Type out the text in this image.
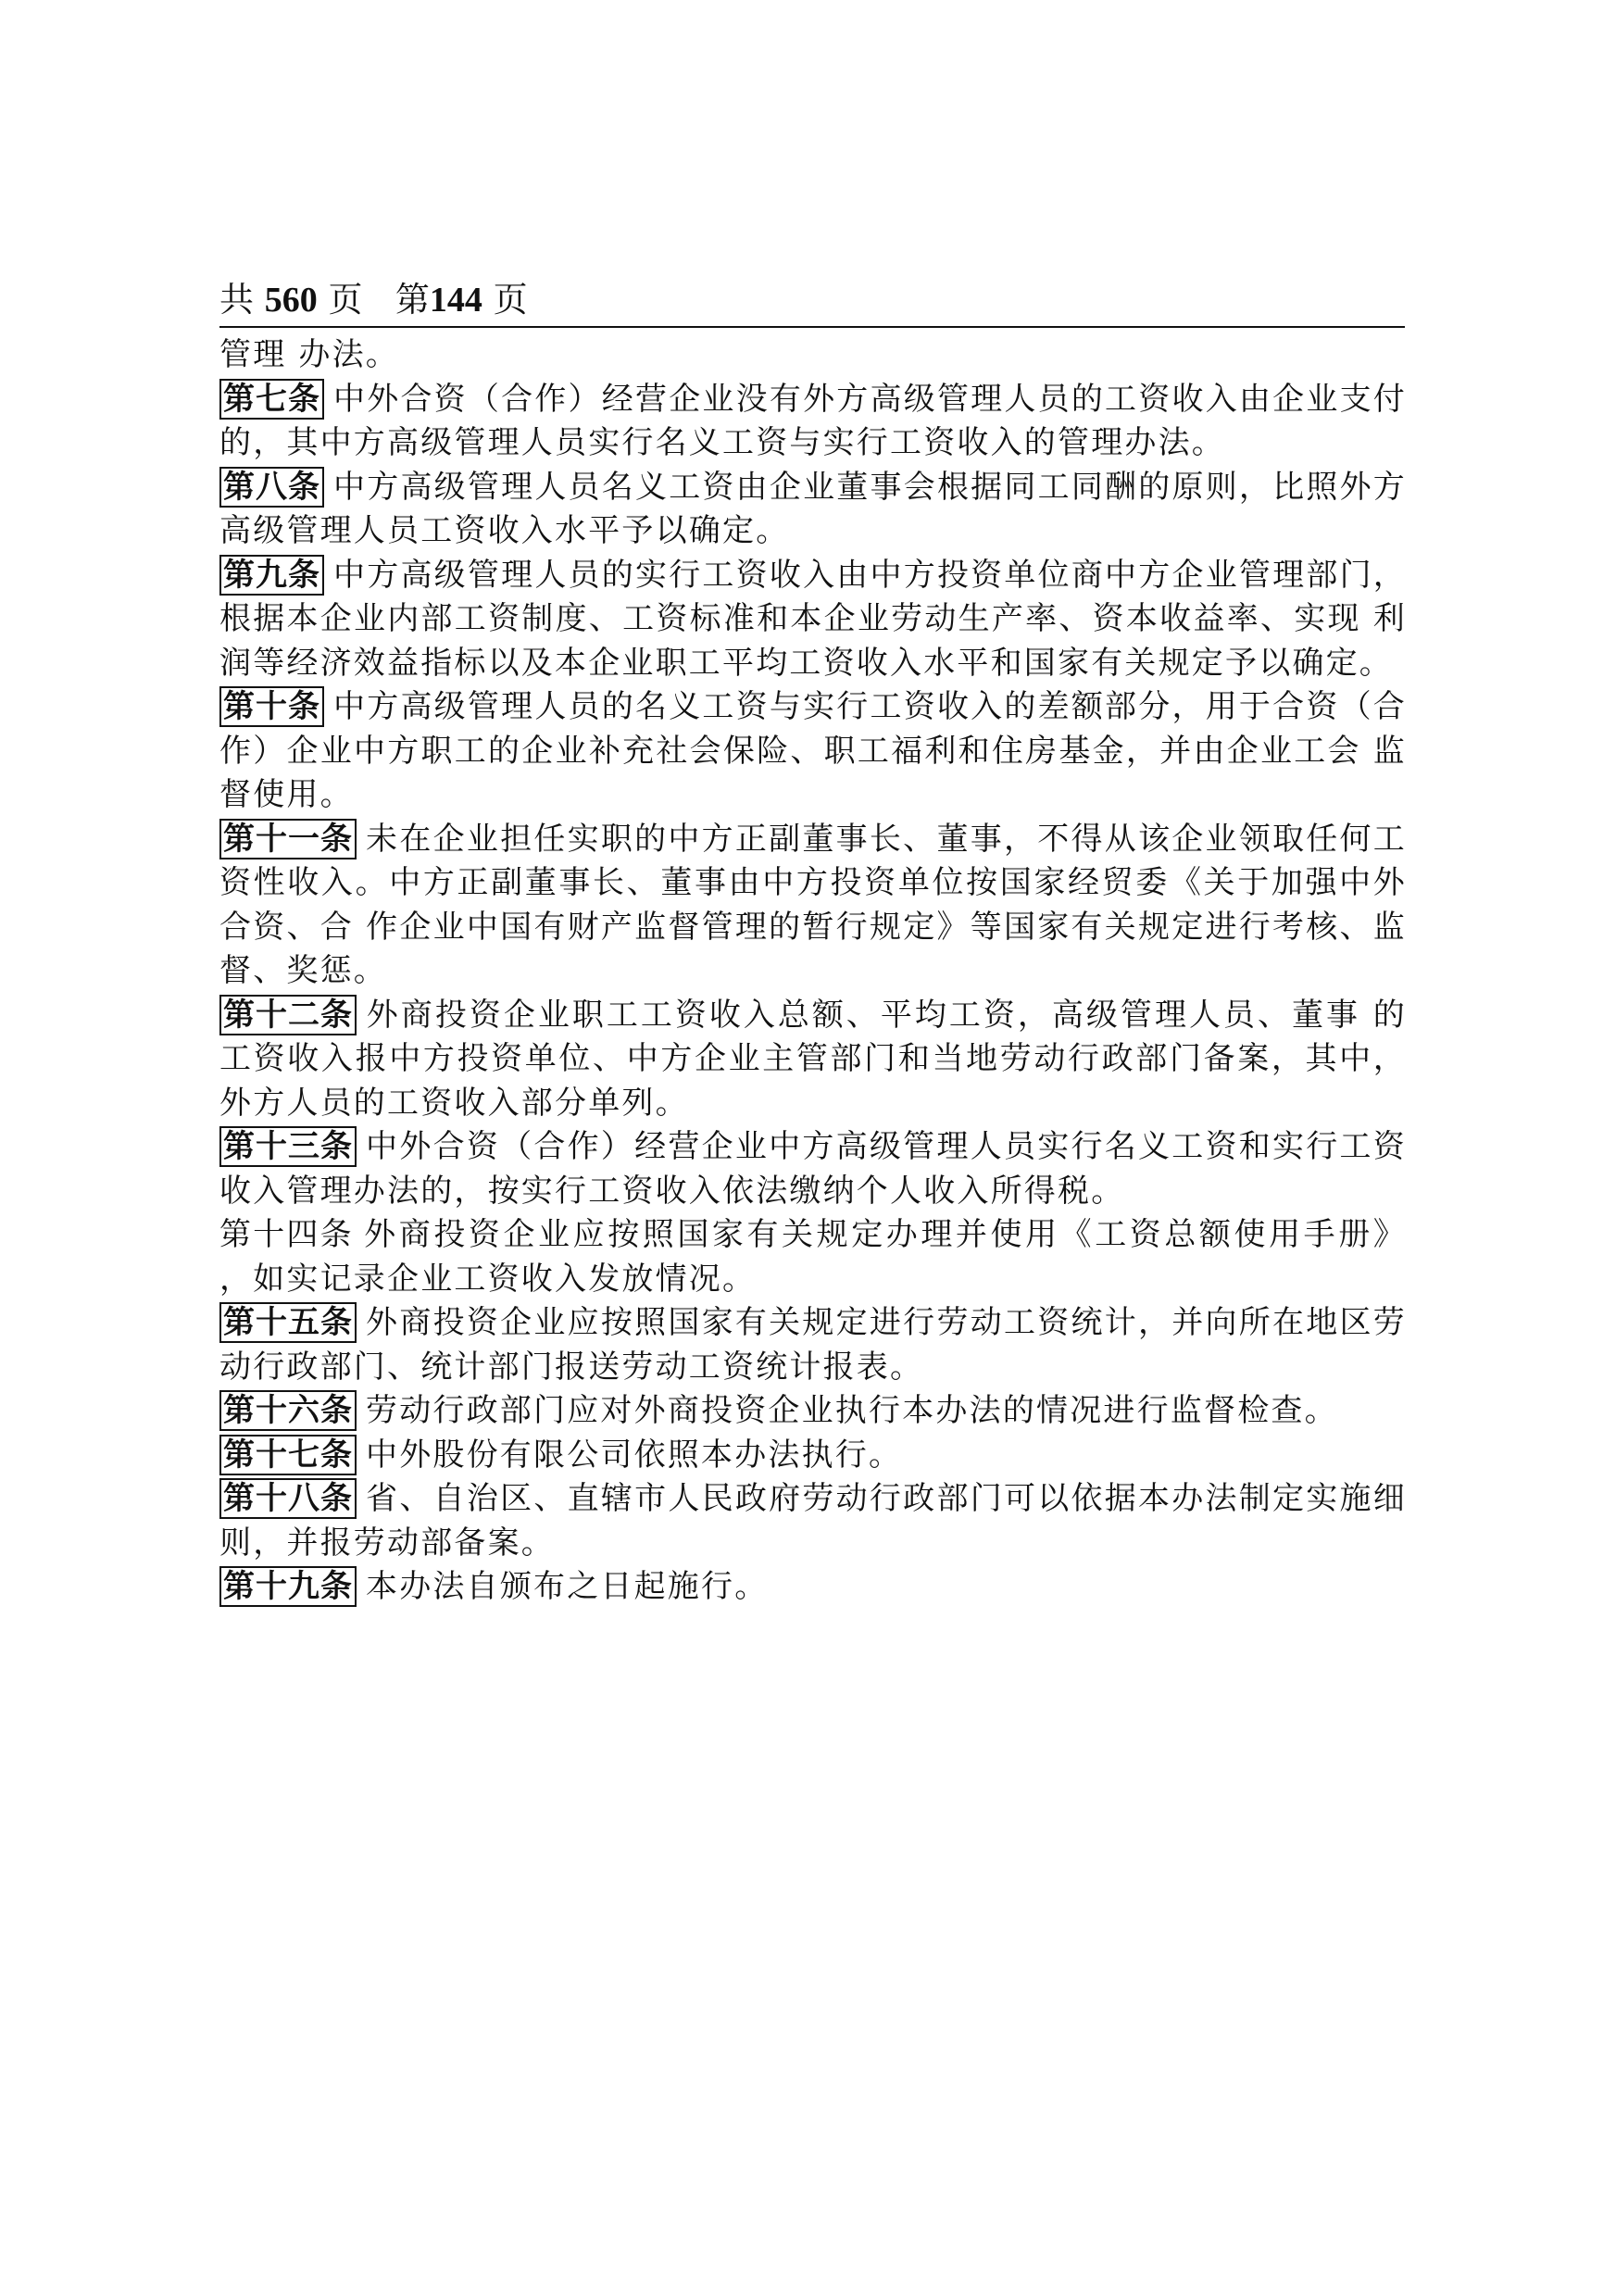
共 560 页 第144 页

管理 办法。

第七条 中外合资（合作）经营企业没有外方高级管理人员的工资收入由企业支付的，其中方高级管理人员实行名义工资与实行工资收入的管理办法。

第八条 中方高级管理人员名义工资由企业董事会根据同工同酬的原则，比照外方高级管理人员工资收入水平予以确定。

第九条 中方高级管理人员的实行工资收入由中方投资单位商中方企业管理部门，根据本企业内部工资制度、工资标准和本企业劳动生产率、资本收益率、实现 利润等经济效益指标以及本企业职工平均工资收入水平和国家有关规定予以确定。

第十条 中方高级管理人员的名义工资与实行工资收入的差额部分，用于合资（合作）企业中方职工的企业补充社会保险、职工福利和住房基金，并由企业工会 监督使用。

第十一条 未在企业担任实职的中方正副董事长、董事，不得从该企业领取任何工资性收入。中方正副董事长、董事由中方投资单位按国家经贸委《关于加强中外合资、合 作企业中国有财产监督管理的暂行规定》等国家有关规定进行考核、监督、奖惩。

第十二条 外商投资企业职工工资收入总额、平均工资，高级管理人员、董事 的工资收入报中方投资单位、中方企业主管部门和当地劳动行政部门备案，其中，外方人员的工资收入部分单列。

第十三条 中外合资（合作）经营企业中方高级管理人员实行名义工资和实行工资收入管理办法的，按实行工资收入依法缴纳个人收入所得税。

第十四条 外商投资企业应按照国家有关规定办理并使用《工资总额使用手册》 ，如实记录企业工资收入发放情况。

第十五条 外商投资企业应按照国家有关规定进行劳动工资统计，并向所在地区劳动行政部门、统计部门报送劳动工资统计报表。

第十六条 劳动行政部门应对外商投资企业执行本办法的情况进行监督检查。

第十七条 中外股份有限公司依照本办法执行。

第十八条 省、自治区、直辖市人民政府劳动行政部门可以依据本办法制定实施细则，并报劳动部备案。

第十九条 本办法自颁布之日起施行。
